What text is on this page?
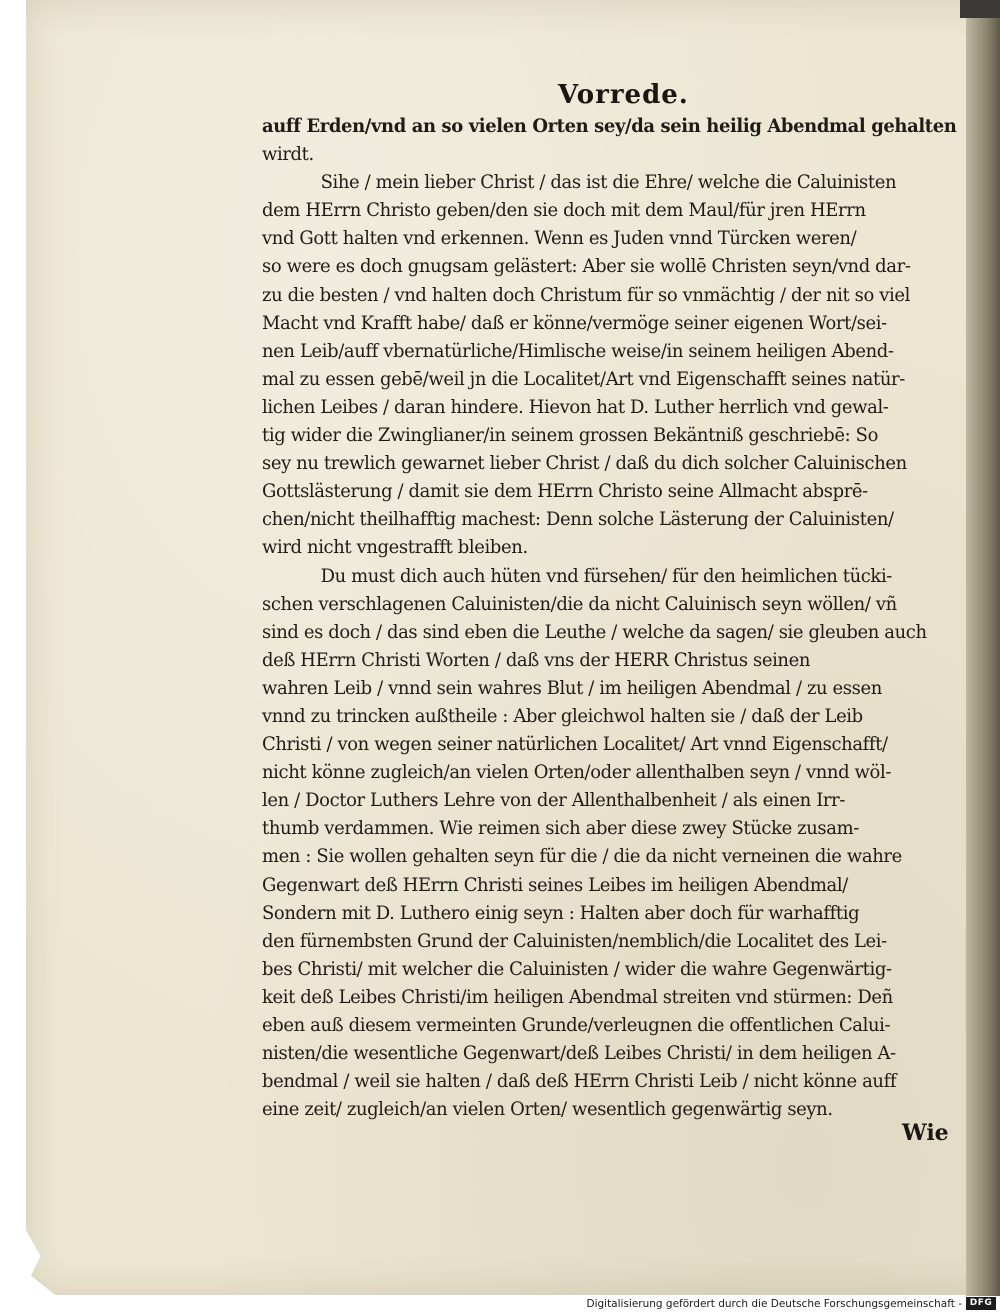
Vorrede.
auff Erden/vnd an so vielen Orten sey/da sein heilig Abendmal gehalten
wirdt.
Sihe / mein lieber Christ / das ist die Ehre/ welche die Caluinisten
dem HErrn Christo geben/den sie doch mit dem Maul/für jren HErrn
vnd Gott halten vnd erkennen. Wenn es Juden vnnd Türcken weren/
so were es doch gnugsam gelästert: Aber sie wollē Christen seyn/vnd dar-
zu die besten / vnd halten doch Christum für so vnmächtig / der nit so viel
Macht vnd Krafft habe/ daß er könne/vermöge seiner eigenen Wort/sei-
nen Leib/auff vbernatürliche/Himlische weise/in seinem heiligen Abend-
mal zu essen gebē/weil jn die Localitet/Art vnd Eigenschafft seines natür-
lichen Leibes / daran hindere. Hievon hat D. Luther herrlich vnd gewal-
tig wider die Zwinglianer/in seinem grossen Bekäntniß geschriebē: So
sey nu trewlich gewarnet lieber Christ / daß du dich solcher Caluinischen
Gottslästerung / damit sie dem HErrn Christo seine Allmacht absprē-
chen/nicht theilhafftig machest: Denn solche Lästerung der Caluinisten/
wird nicht vngestrafft bleiben.
Du must dich auch hüten vnd fürsehen/ für den heimlichen tücki-
schen verschlagenen Caluinisten/die da nicht Caluinisch seyn wöllen/ vñ
sind es doch / das sind eben die Leuthe / welche da sagen/ sie gleuben auch
deß HErrn Christi Worten / daß vns der HERR Christus seinen
wahren Leib / vnnd sein wahres Blut / im heiligen Abendmal / zu essen
vnnd zu trincken außtheile : Aber gleichwol halten sie / daß der Leib
Christi / von wegen seiner natürlichen Localitet/ Art vnnd Eigenschafft/
nicht könne zugleich/an vielen Orten/oder allenthalben seyn / vnnd wöl-
len / Doctor Luthers Lehre von der Allenthalbenheit / als einen Irr-
thumb verdammen. Wie reimen sich aber diese zwey Stücke zusam-
men : Sie wollen gehalten seyn für die / die da nicht verneinen die wahre
Gegenwart deß HErrn Christi seines Leibes im heiligen Abendmal/
Sondern mit D. Luthero einig seyn : Halten aber doch für warhafftig
den fürnembsten Grund der Caluinisten/nemblich/die Localitet des Lei-
bes Christi/ mit welcher die Caluinisten / wider die wahre Gegenwärtig-
keit deß Leibes Christi/im heiligen Abendmal streiten vnd stürmen: Deñ
eben auß diesem vermeinten Grunde/verleugnen die offentlichen Calui-
nisten/die wesentliche Gegenwart/deß Leibes Christi/ in dem heiligen A-
bendmal / weil sie halten / daß deß HErrn Christi Leib / nicht könne auff
eine zeit/ zugleich/an vielen Orten/ wesentlich gegenwärtig seyn.
Wie
Digitalisierung gefördert durch die Deutsche Forschungsgemeinschaft - DFG
